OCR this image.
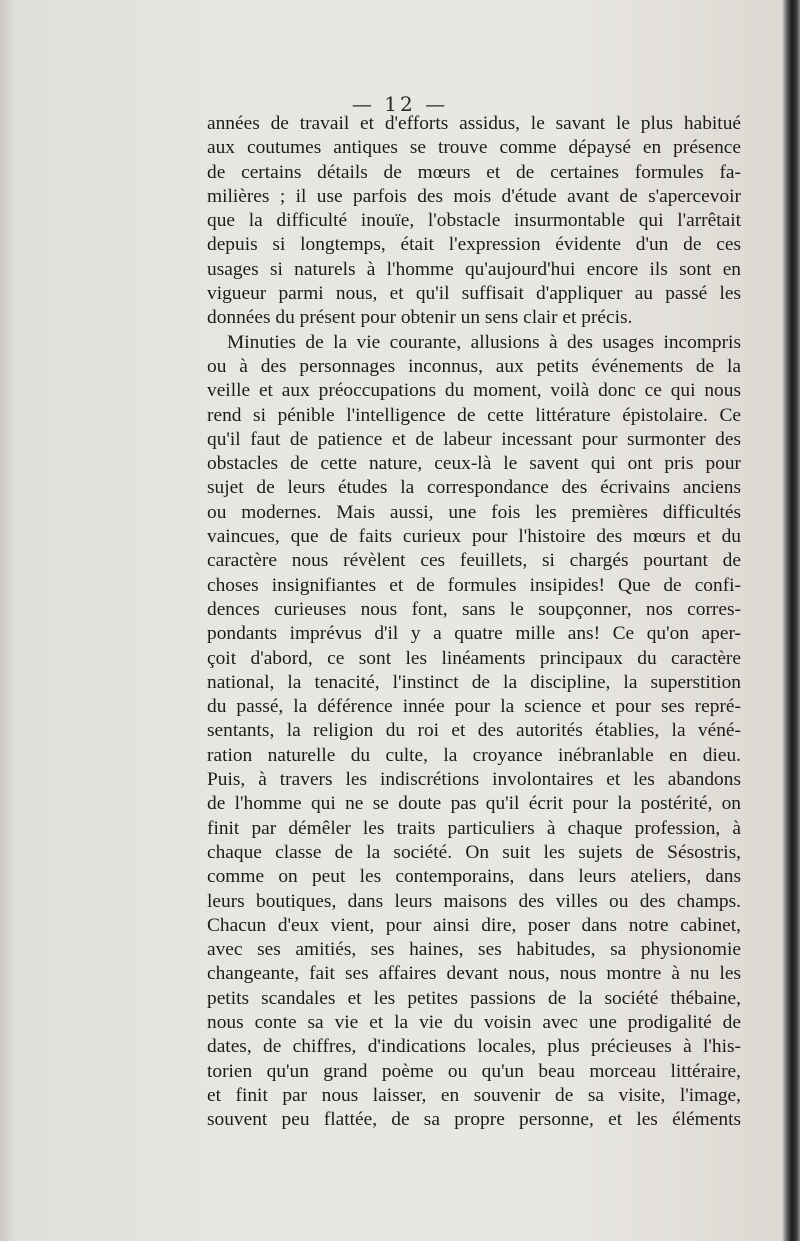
— 12 —
années de travail et d'efforts assidus, le savant le plus habitué
aux coutumes antiques se trouve comme dépaysé en présence
de certains détails de mœurs et de certaines formules fa-
milières ; il use parfois des mois d'étude avant de s'apercevoir
que la difficulté inouïe, l'obstacle insurmontable qui l'arrêtait
depuis si longtemps, était l'expression évidente d'un de ces
usages si naturels à l'homme qu'aujourd'hui encore ils sont en
vigueur parmi nous, et qu'il suffisait d'appliquer au passé les
données du présent pour obtenir un sens clair et précis.
Minuties de la vie courante, allusions à des usages incompris
ou à des personnages inconnus, aux petits événements de la
veille et aux préoccupations du moment, voilà donc ce qui nous
rend si pénible l'intelligence de cette littérature épistolaire. Ce
qu'il faut de patience et de labeur incessant pour surmonter des
obstacles de cette nature, ceux-là le savent qui ont pris pour
sujet de leurs études la correspondance des écrivains anciens
ou modernes. Mais aussi, une fois les premières difficultés
vaincues, que de faits curieux pour l'histoire des mœurs et du
caractère nous révèlent ces feuillets, si chargés pourtant de
choses insignifiantes et de formules insipides! Que de confi-
dences curieuses nous font, sans le soupçonner, nos corres-
pondants imprévus d'il y a quatre mille ans! Ce qu'on aper-
çoit d'abord, ce sont les linéaments principaux du caractère
national, la tenacité, l'instinct de la discipline, la superstition
du passé, la déférence innée pour la science et pour ses repré-
sentants, la religion du roi et des autorités établies, la véné-
ration naturelle du culte, la croyance inébranlable en dieu.
Puis, à travers les indiscrétions involontaires et les abandons
de l'homme qui ne se doute pas qu'il écrit pour la postérité, on
finit par démêler les traits particuliers à chaque profession, à
chaque classe de la société. On suit les sujets de Sésostris,
comme on peut les contemporains, dans leurs ateliers, dans
leurs boutiques, dans leurs maisons des villes ou des champs.
Chacun d'eux vient, pour ainsi dire, poser dans notre cabinet,
avec ses amitiés, ses haines, ses habitudes, sa physionomie
changeante, fait ses affaires devant nous, nous montre à nu les
petits scandales et les petites passions de la société thébaine,
nous conte sa vie et la vie du voisin avec une prodigalité de
dates, de chiffres, d'indications locales, plus précieuses à l'his-
torien qu'un grand poème ou qu'un beau morceau littéraire,
et finit par nous laisser, en souvenir de sa visite, l'image,
souvent peu flattée, de sa propre personne, et les éléments
